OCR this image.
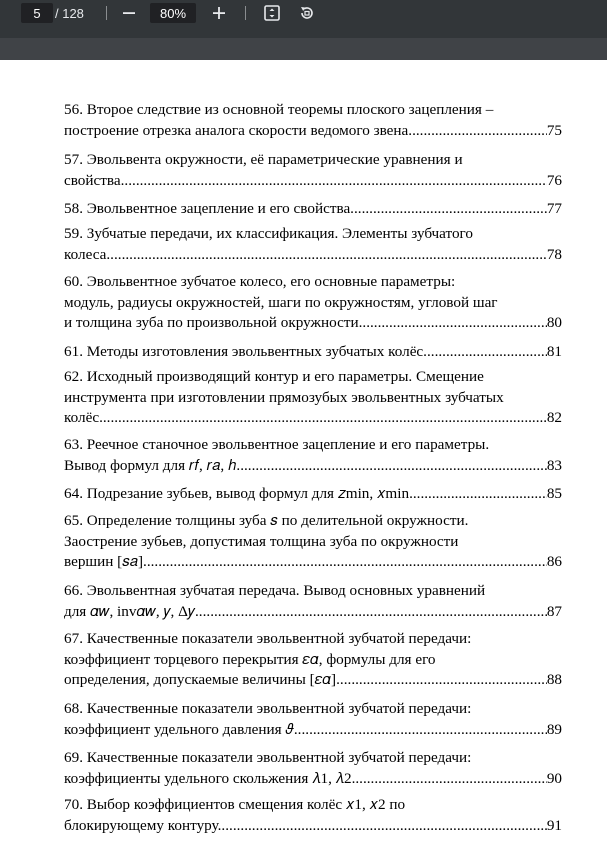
5 / 128	80%
56. Второе следствие из основной теоремы плоского зацепления –
построение отрезка аналога скорости ведомого звена .....	75
57. Эвольвента окружности, её параметрические уравнения и
свойства. .....	76
58. Эвольвентное зацепление и его свойства. .....	77
59. Зубчатые передачи, их классификация. Элементы зубчатого
колеса. .....	78
60. Эвольвентное зубчатое колесо, его основные параметры:
модуль, радиусы окружностей, шаги по окружностям, угловой шаг
и толщина зуба по произвольной окружности. .....	80
61. Методы изготовления эвольвентных зубчатых колёс. .....	81
62. Исходный производящий контур и его параметры. Смещение
инструмента при изготовлении прямозубых эвольвентных зубчатых
колёс .....	82
63. Реечное станочное эвольвентное зацепление и его параметры.
Вывод формул для 𝑟𝑓, 𝑟𝑎, ℎ. .....	83
64. Подрезание зубьев, вывод формул для 𝑧min, 𝑥min .....	85
65. Определение толщины зуба 𝑠 по делительной окружности.
Заострение зубьев, допустимая толщина зуба по окружности
вершин [𝑠𝑎]. .....	86
66. Эвольвентная зубчатая передача. Вывод основных уравнений
для 𝛼𝑤, inv𝛼𝑤, 𝑦, Δ𝑦. .....	87
67. Качественные показатели эвольвентной зубчатой передачи:
коэффициент торцевого перекрытия 𝜀𝛼, формулы для его
определения, допускаемые величины [𝜀𝛼]. .....	88
68. Качественные показатели эвольвентной зубчатой передачи:
коэффициент удельного давления 𝜗 .....	89
69. Качественные показатели эвольвентной зубчатой передачи:
коэффициенты удельного скольжения 𝜆1, 𝜆2 .....	90
70. Выбор коэффициентов смещения колёс 𝑥1, 𝑥2 по
блокирующему контуру. .....	91
